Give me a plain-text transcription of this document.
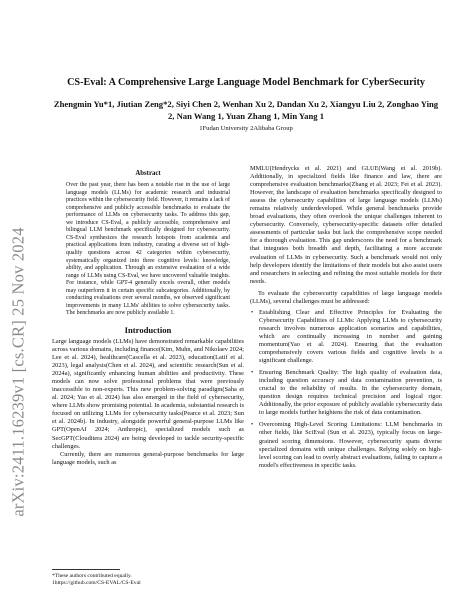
arXiv:2411.16239v1 [cs.CR] 25 Nov 2024
CS-Eval: A Comprehensive Large Language Model Benchmark for CyberSecurity
Zhengmin Yu*1, Jiutian Zeng*2, Siyi Chen 2, Wenhan Xu 2, Dandan Xu 2, Xiangyu Liu 2, Zonghao Ying 2, Nan Wang 1, Yuan Zhang 1, Min Yang 1
1Fudan University 2Alibaba Group
Abstract

Over the past year, there has been a notable rise in the use of large language models (LLMs) for academic research and industrial practices within the cybersecurity field. However, it remains a lack of comprehensive and publicly accessible benchmarks to evaluate the performance of LLMs on cybersecurity tasks. To address this gap, we introduce CS-Eval, a publicly accessible, comprehensive and bilingual LLM benchmark specifically designed for cybersecurity. CS-Eval synthesizes the research hotspots from academia and practical applications from industry, curating a diverse set of high-quality questions across 42 categories within cybersecurity, systematically organized into three cognitive levels: knowledge, ability, and application. Through an extensive evaluation of a wide range of LLMs using CS-Eval, we have uncovered valuable insights. For instance, while GPT-4 generally excels overall, other models may outperform it in certain specific subcategories. Additionally, by conducting evaluations over several months, we observed significant improvements in many LLMs' abilities to solve cybersecurity tasks. The benchmarks are now publicly available 1.

Introduction

Large language models (LLMs) have demonstrated remarkable capabilities across various domains, including finance(Kim, Muhn, and Nikolaev 2024; Lee et al. 2024), healthcare(Cascella et al. 2023), education(Latif et al. 2023), legal analysis(Chen et al. 2024), and scientific research(Sun et al. 2024a), significantly enhancing human abilities and productivity. These models can now solve professional problems that were previously inaccessible to non-experts. This new problem-solving paradigm(Saha et al. 2024; Yao et al. 2024) has also emerged in the field of cybersecurity, where LLMs show promising potential. In academia, substantial research is focused on utilizing LLMs for cybersecurity tasks(Pearce et al. 2023; Sun et al. 2024b). In industry, alongside powerful general-purpose LLMs like GPT(OpenAI 2024; Anthropic), specialized models such as SecGPT(Clouditera 2024) are being developed to tackle security-specific challenges.

Currently, there are numerous general-purpose benchmarks for large language models, such as

MMLU(Hendrycks et al. 2021) and GLUE(Wang et al. 2019b). Additionally, in specialized fields like finance and law, there are comprehensive evaluation benchmarks(Zhang et al. 2023; Fei et al. 2023). However, the landscape of evaluation benchmarks specifically designed to assess the cybersecurity capabilities of large language models (LLMs) remains relatively underdeveloped. While general benchmarks provide broad evaluations, they often overlook the unique challenges inherent to cybersecurity. Conversely, cybersecurity-specific datasets offer detailed assessments of particular tasks but lack the comprehensive scope needed for a thorough evaluation. This gap underscores the need for a benchmark that integrates both breadth and depth, facilitating a more accurate evaluation of LLMs in cybersecurity. Such a benchmark would not only help developers identify the limitations of their models but also assist users and researchers in selecting and refining the most suitable models for their needs.

To evaluate the cybersecurity capabilities of large language models (LLMs), several challenges must be addressed:

• Establishing Clear and Effective Principles for Evaluating the Cybersecurity Capabilities of LLMs: Applying LLMs to cybersecurity research involves numerous application scenarios and capabilities, which are continually increasing in number and gaining momentum(Yao et al. 2024). Ensuring that the evaluation comprehensively covers various fields and cognitive levels is a significant challenge.
• Ensuring Benchmark Quality: The high quality of evaluation data, including question accuracy and data contamination prevention, is crucial to the reliability of results. In the cybersecurity domain, question design requires technical precision and logical rigor. Additionally, the prior exposure of publicly available cybersecurity data to large models further heightens the risk of data contamination.
• Overcoming High-Level Scoring Limitations: LLM benchmarks in other fields, like SciEval (Sun et al. 2023), typically focus on large-grained scoring dimensions. However, cybersecurity spans diverse specialized domains with unique challenges. Relying solely on high-level scoring can lead to overly abstract evaluations, failing to capture a model's effectiveness in specific tasks.
*These authors contributed equally.
1https://github.com/CS-EVAL/CS-Eval
